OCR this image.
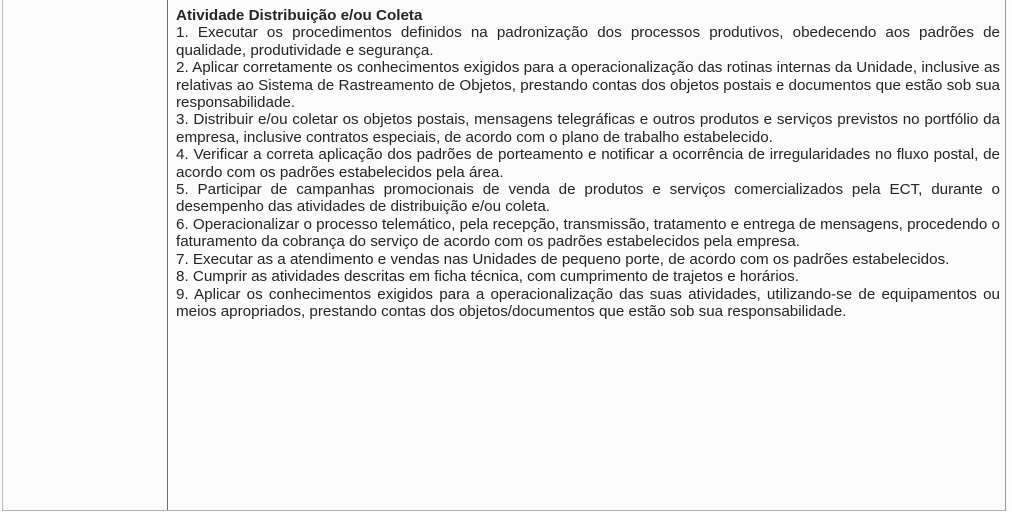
Atividade Distribuição e/ou Coleta

1. Executar os procedimentos definidos na padronização dos processos produtivos, obedecendo aos padrões de qualidade, produtividade e segurança.

2. Aplicar corretamente os conhecimentos exigidos para a operacionalização das rotinas internas da Unidade, inclusive as relativas ao Sistema de Rastreamento de Objetos, prestando contas dos objetos postais e documentos que estão sob sua responsabilidade.

3. Distribuir e/ou coletar os objetos postais, mensagens telegráficas e outros produtos e serviços previstos no portfólio da empresa, inclusive contratos especiais, de acordo com o plano de trabalho estabelecido.

4. Verificar a correta aplicação dos padrões de porteamento e notificar a ocorrência de irregularidades no fluxo postal, de acordo com os padrões estabelecidos pela área.

5. Participar de campanhas promocionais de venda de produtos e serviços comercializados pela ECT, durante o desempenho das atividades de distribuição e/ou coleta.

6. Operacionalizar o processo telemático, pela recepção, transmissão, tratamento e entrega de mensagens, procedendo o faturamento da cobrança do serviço de acordo com os padrões estabelecidos pela empresa.

7. Executar as a atendimento e vendas nas Unidades de pequeno porte, de acordo com os padrões estabelecidos.

8. Cumprir as atividades descritas em ficha técnica, com cumprimento de trajetos e horários.

9. Aplicar os conhecimentos exigidos para a operacionalização das suas atividades, utilizando-se de equipamentos ou meios apropriados, prestando contas dos objetos/documentos que estão sob sua responsabilidade.
